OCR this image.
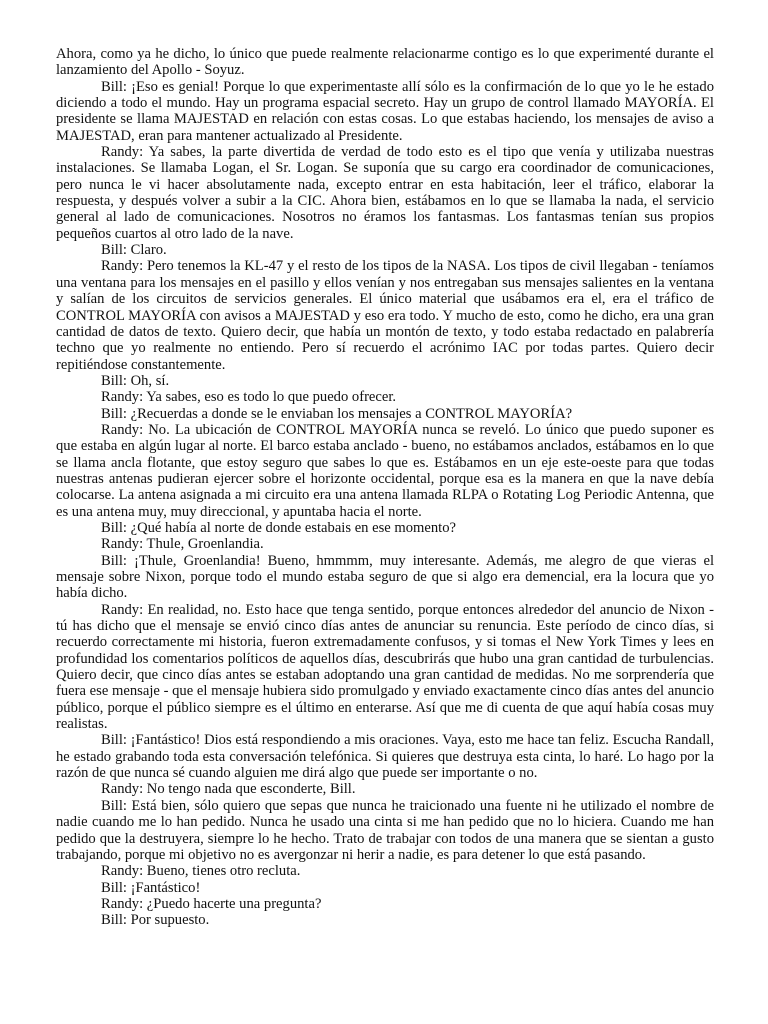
Ahora, como ya he dicho, lo único que puede realmente relacionarme contigo es lo que experimenté durante el lanzamiento del Apollo - Soyuz.

Bill: ¡Eso es genial! Porque lo que experimentaste allí sólo es la confirmación de lo que yo le he estado diciendo a todo el mundo. Hay un programa espacial secreto. Hay un grupo de control llamado MAYORÍA. El presidente se llama MAJESTAD en relación con estas cosas. Lo que estabas haciendo, los mensajes de aviso a MAJESTAD, eran para mantener actualizado al Presidente.

Randy: Ya sabes, la parte divertida de verdad de todo esto es el tipo que venía y utilizaba nuestras instalaciones. Se llamaba Logan, el Sr. Logan. Se suponía que su cargo era coordinador de comunicaciones, pero nunca le vi hacer absolutamente nada, excepto entrar en esta habitación, leer el tráfico, elaborar la respuesta, y después volver a subir a la CIC. Ahora bien, estábamos en lo que se llamaba la nada, el servicio general al lado de comunicaciones. Nosotros no éramos los fantasmas. Los fantasmas tenían sus propios pequeños cuartos al otro lado de la nave.

Bill: Claro.

Randy: Pero tenemos la KL-47 y el resto de los tipos de la NASA. Los tipos de civil llegaban - teníamos una ventana para los mensajes en el pasillo y ellos venían y nos entregaban sus mensajes salientes en la ventana y salían de los circuitos de servicios generales. El único material que usábamos era el, era el tráfico de CONTROL MAYORÍA con avisos a MAJESTAD y eso era todo. Y mucho de esto, como he dicho, era una gran cantidad de datos de texto. Quiero decir, que había un montón de texto, y todo estaba redactado en palabrería techno que yo realmente no entiendo. Pero sí recuerdo el acrónimo IAC por todas partes. Quiero decir repitiéndose constantemente.

Bill: Oh, sí.

Randy: Ya sabes, eso es todo lo que puedo ofrecer.

Bill: ¿Recuerdas a donde se le enviaban los mensajes a CONTROL MAYORÍA?

Randy: No. La ubicación de CONTROL MAYORÍA nunca se reveló. Lo único que puedo suponer es que estaba en algún lugar al norte. El barco estaba anclado - bueno, no estábamos anclados, estábamos en lo que se llama ancla flotante, que estoy seguro que sabes lo que es. Estábamos en un eje este-oeste para que todas nuestras antenas pudieran ejercer sobre el horizonte occidental, porque esa es la manera en que la nave debía colocarse. La antena asignada a mi circuito era una antena llamada RLPA o Rotating Log Periodic Antenna, que es una antena muy, muy direccional, y apuntaba hacia el norte.

Bill: ¿Qué había al norte de donde estabais en ese momento?

Randy: Thule, Groenlandia.

Bill: ¡Thule, Groenlandia! Bueno, hmmmm, muy interesante. Además, me alegro de que vieras el mensaje sobre Nixon, porque todo el mundo estaba seguro de que si algo era demencial, era la locura que yo había dicho.

Randy: En realidad, no. Esto hace que tenga sentido, porque entonces alrededor del anuncio de Nixon - tú has dicho que el mensaje se envió cinco días antes de anunciar su renuncia. Este período de cinco días, si recuerdo correctamente mi historia, fueron extremadamente confusos, y si tomas el New York Times y lees en profundidad los comentarios políticos de aquellos días, descubrirás que hubo una gran cantidad de turbulencias. Quiero decir, que cinco días antes se estaban adoptando una gran cantidad de medidas. No me sorprendería que fuera ese mensaje - que el mensaje hubiera sido promulgado y enviado exactamente cinco días antes del anuncio público, porque el público siempre es el último en enterarse. Así que me di cuenta de que aquí había cosas muy realistas.

Bill: ¡Fantástico! Dios está respondiendo a mis oraciones. Vaya, esto me hace tan feliz. Escucha Randall, he estado grabando toda esta conversación telefónica. Si quieres que destruya esta cinta, lo haré. Lo hago por la razón de que nunca sé cuando alguien me dirá algo que puede ser importante o no.

Randy: No tengo nada que esconderte, Bill.

Bill: Está bien, sólo quiero que sepas que nunca he traicionado una fuente ni he utilizado el nombre de nadie cuando me lo han pedido. Nunca he usado una cinta si me han pedido que no lo hiciera. Cuando me han pedido que la destruyera, siempre lo he hecho. Trato de trabajar con todos de una manera que se sientan a gusto trabajando, porque mi objetivo no es avergonzar ni herir a nadie, es para detener lo que está pasando.

Randy: Bueno, tienes otro recluta.

Bill: ¡Fantástico!

Randy: ¿Puedo hacerte una pregunta?

Bill: Por supuesto.
